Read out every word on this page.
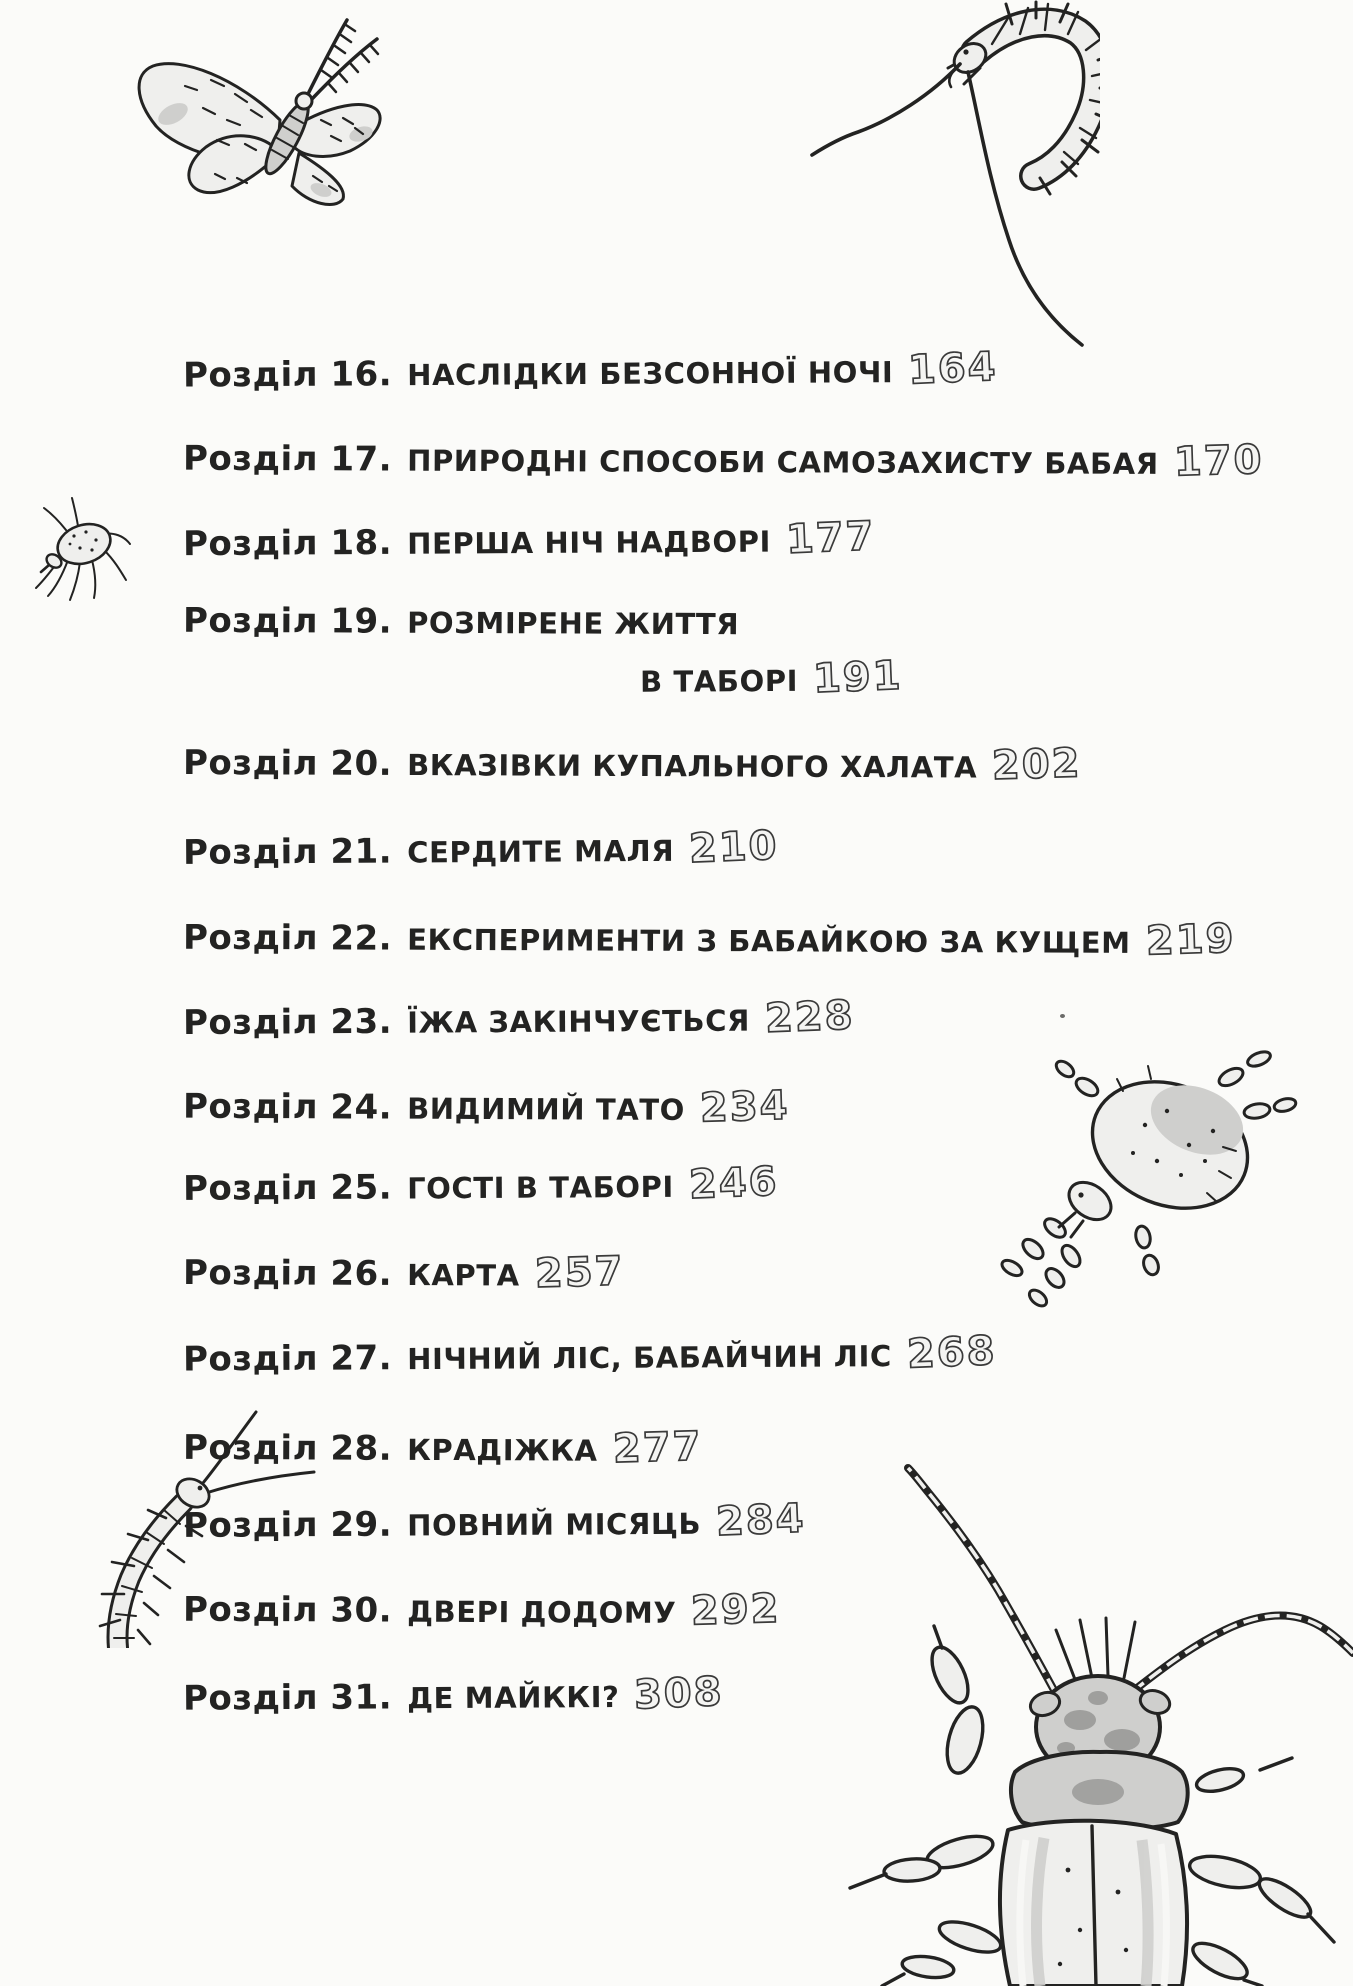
Розділ 16. НАСЛІДКИ БЕЗСОННОЇ НОЧІ 164
Розділ 17. ПРИРОДНІ СПОСОБИ САМОЗАХИСТУ БАБАЯ 170
Розділ 18. ПЕРША НІЧ НАДВОРІ 177
Розділ 19. РОЗМІРЕНЕ ЖИТТЯ
В ТАБОРІ 191
Розділ 20. ВКАЗІВКИ КУПАЛЬНОГО ХАЛАТА 202
Розділ 21. СЕРДИТЕ МАЛЯ 210
Розділ 22. ЕКСПЕРИМЕНТИ З БАБАЙКОЮ ЗА КУЩЕМ 219
Розділ 23. ЇЖА ЗАКІНЧУЄТЬСЯ 228
Розділ 24. ВИДИМИЙ ТАТО 234
Розділ 25. ГОСТІ В ТАБОРІ 246
Розділ 26. КАРТА 257
Розділ 27. НІЧНИЙ ЛІС, БАБАЙЧИН ЛІС 268
Розділ 28. КРАДІЖКА 277
Розділ 29. ПОВНИЙ МІСЯЦЬ 284
Розділ 30. ДВЕРІ ДОДОМУ 292
Розділ 31. ДЕ МАЙККІ? 308
